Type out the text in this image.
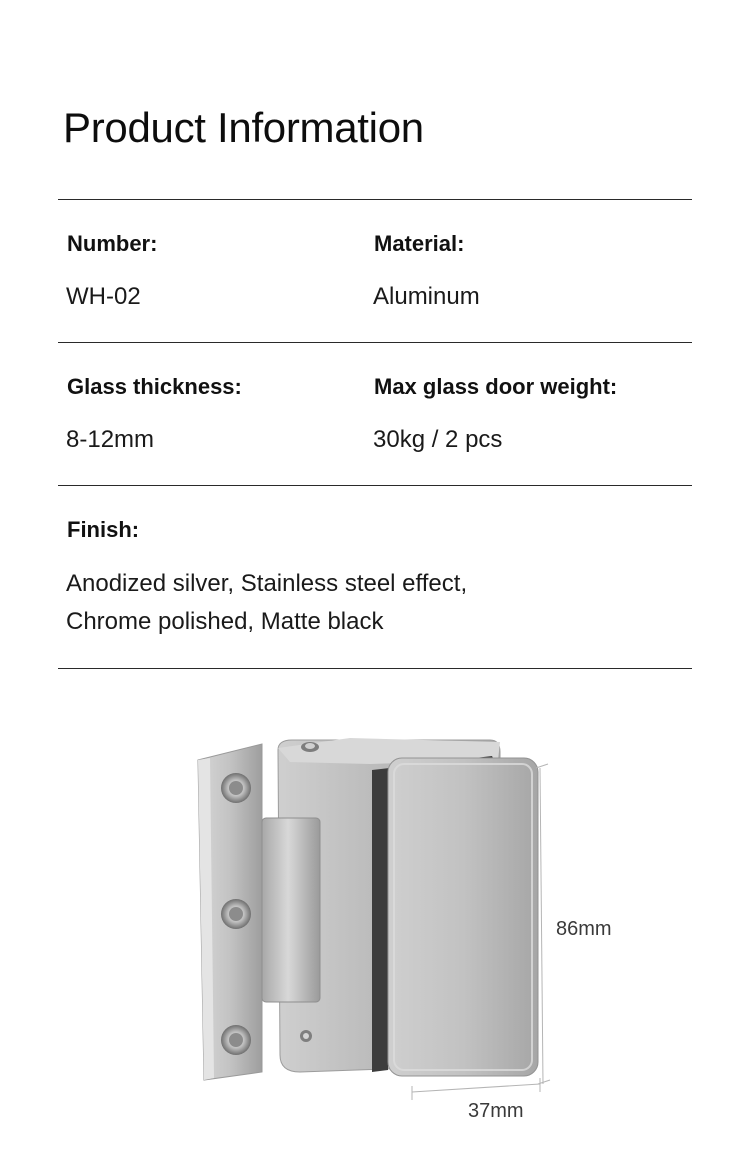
Product Information
Number:
WH-02
Material:
Aluminum
Glass thickness:
8-12mm
Max glass door weight:
30kg / 2 pcs
Finish:
Anodized silver, Stainless steel effect,
Chrome polished, Matte black
86mm
37mm
